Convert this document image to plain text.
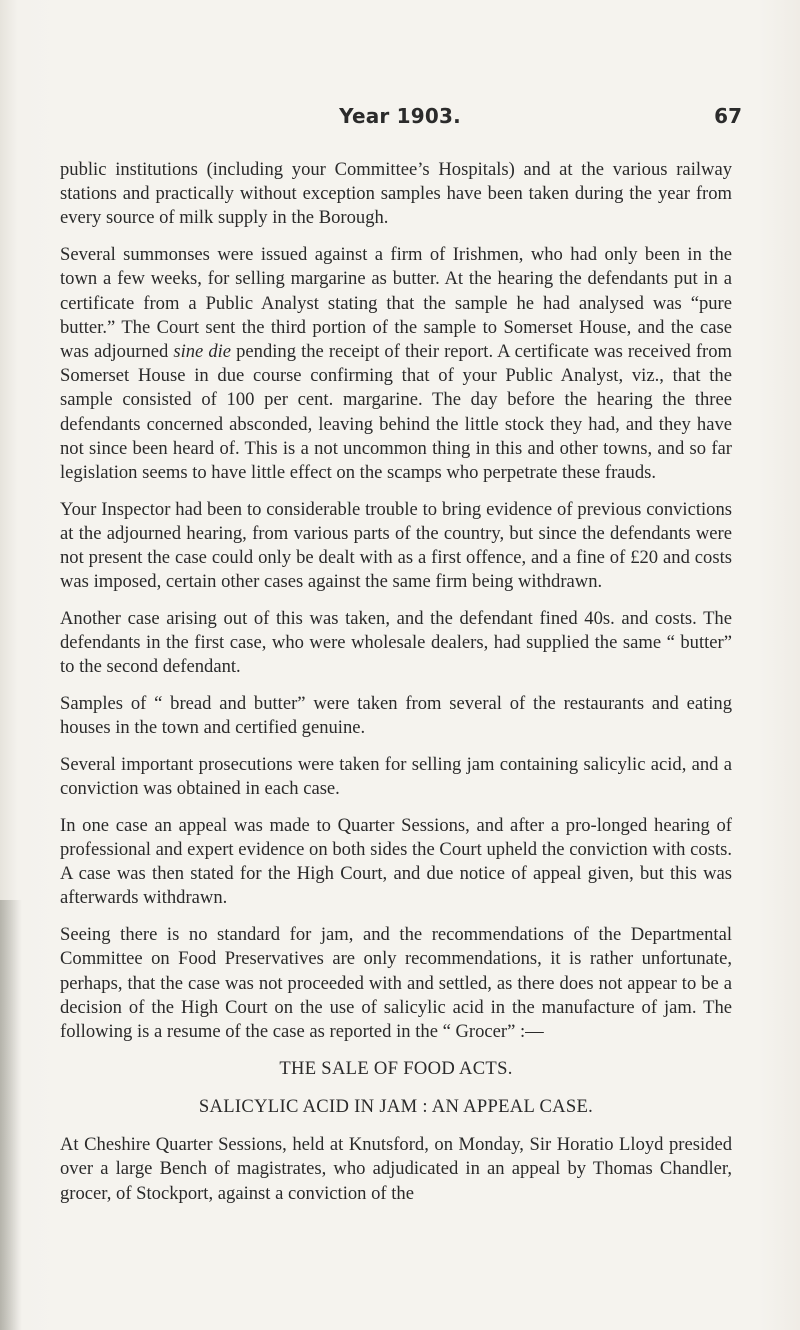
Year 1903.	67

public institutions (including your Committee’s Hospitals) and at the various railway stations and practically without exception samples have been taken during the year from every source of milk supply in the Borough.

Several summonses were issued against a firm of Irishmen, who had only been in the town a few weeks, for selling margarine as butter. At the hearing the defendants put in a certificate from a Public Analyst stating that the sample he had analysed was “pure butter.” The Court sent the third portion of the sample to Somerset House, and the case was adjourned sine die pending the receipt of their report. A certificate was received from Somerset House in due course confirming that of your Public Analyst, viz., that the sample consisted of 100 per cent. margarine. The day before the hearing the three defendants concerned absconded, leaving behind the little stock they had, and they have not since been heard of. This is a not uncommon thing in this and other towns, and so far legislation seems to have little effect on the scamps who perpetrate these frauds.

Your Inspector had been to considerable trouble to bring evidence of previous convictions at the adjourned hearing, from various parts of the country, but since the defendants were not present the case could only be dealt with as a first offence, and a fine of £20 and costs was imposed, certain other cases against the same firm being withdrawn.

Another case arising out of this was taken, and the defendant fined 40s. and costs. The defendants in the first case, who were wholesale dealers, had supplied the same “ butter” to the second defendant.

Samples of “ bread and butter” were taken from several of the restaurants and eating houses in the town and certified genuine.

Several important prosecutions were taken for selling jam containing salicylic acid, and a conviction was obtained in each case.

In one case an appeal was made to Quarter Sessions, and after a pro-longed hearing of professional and expert evidence on both sides the Court upheld the conviction with costs. A case was then stated for the High Court, and due notice of appeal given, but this was afterwards withdrawn.

Seeing there is no standard for jam, and the recommendations of the Departmental Committee on Food Preservatives are only recommendations, it is rather unfortunate, perhaps, that the case was not proceeded with and settled, as there does not appear to be a decision of the High Court on the use of salicylic acid in the manufacture of jam. The following is a resume of the case as reported in the “ Grocer” :—

THE SALE OF FOOD ACTS.

SALICYLIC ACID IN JAM : AN APPEAL CASE.

At Cheshire Quarter Sessions, held at Knutsford, on Monday, Sir Horatio Lloyd presided over a large Bench of magistrates, who adjudicated in an appeal by Thomas Chandler, grocer, of Stockport, against a conviction of the
